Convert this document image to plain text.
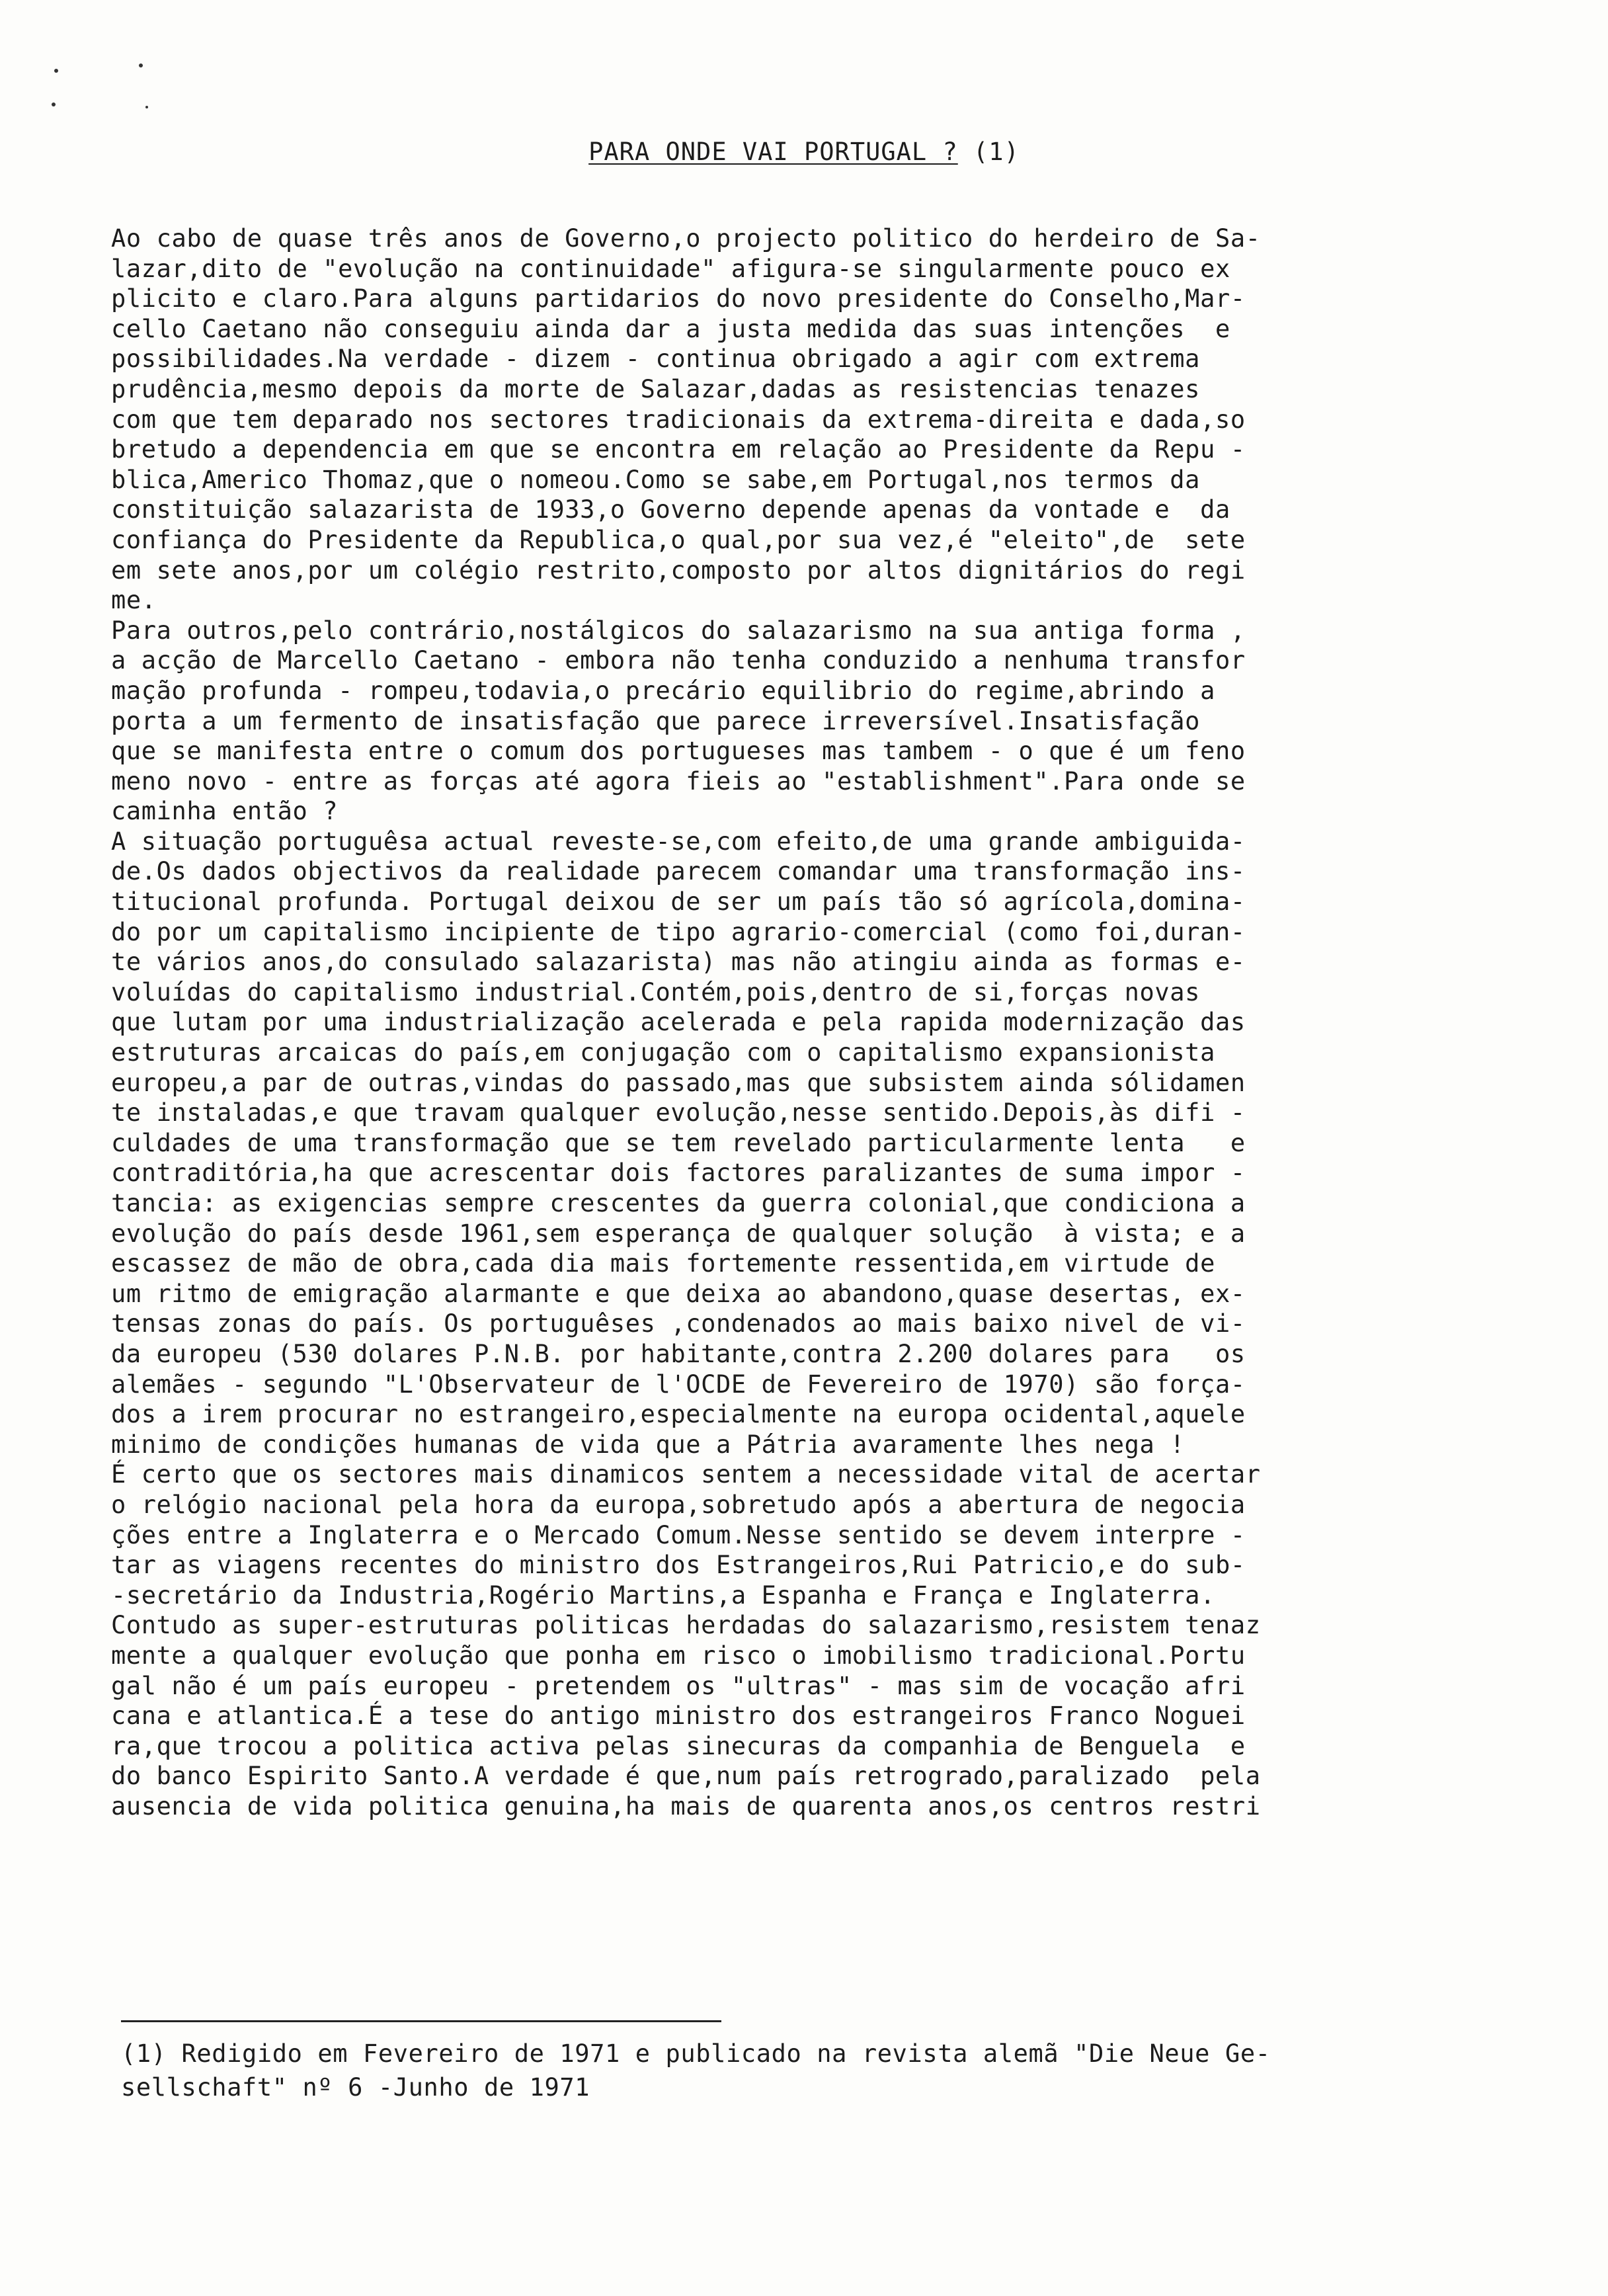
PARA ONDE VAI PORTUGAL ? (1)
Ao cabo de quase três anos de Governo,o projecto politico do herdeiro de Sa-
lazar,dito de "evolução na continuidade" afigura-se singularmente pouco ex
plicito e claro.Para alguns partidarios do novo presidente do Conselho,Mar-
cello Caetano não conseguiu ainda dar a justa medida das suas intenções  e
possibilidades.Na verdade - dizem - continua obrigado a agir com extrema
prudência,mesmo depois da morte de Salazar,dadas as resistencias tenazes
com que tem deparado nos sectores tradicionais da extrema-direita e dada,so
bretudo a dependencia em que se encontra em relação ao Presidente da Repu -
blica,Americo Thomaz,que o nomeou.Como se sabe,em Portugal,nos termos da
constituição salazarista de 1933,o Governo depende apenas da vontade e  da
confiança do Presidente da Republica,o qual,por sua vez,é "eleito",de  sete
em sete anos,por um colégio restrito,composto por altos dignitários do regi
me.
Para outros,pelo contrário,nostálgicos do salazarismo na sua antiga forma ,
a acção de Marcello Caetano - embora não tenha conduzido a nenhuma transfor
mação profunda - rompeu,todavia,o precário equilibrio do regime,abrindo a
porta a um fermento de insatisfação que parece irreversível.Insatisfação
que se manifesta entre o comum dos portugueses mas tambem - o que é um feno
meno novo - entre as forças até agora fieis ao "establishment".Para onde se
caminha então ?
A situação portuguêsa actual reveste-se,com efeito,de uma grande ambiguida-
de.Os dados objectivos da realidade parecem comandar uma transformação ins-
titucional profunda. Portugal deixou de ser um país tão só agrícola,domina-
do por um capitalismo incipiente de tipo agrario-comercial (como foi,duran-
te vários anos,do consulado salazarista) mas não atingiu ainda as formas e-
voluídas do capitalismo industrial.Contém,pois,dentro de si,forças novas
que lutam por uma industrialização acelerada e pela rapida modernização das
estruturas arcaicas do país,em conjugação com o capitalismo expansionista
europeu,a par de outras,vindas do passado,mas que subsistem ainda sólidamen
te instaladas,e que travam qualquer evolução,nesse sentido.Depois,às difi -
culdades de uma transformação que se tem revelado particularmente lenta   e
contraditória,ha que acrescentar dois factores paralizantes de suma impor -
tancia: as exigencias sempre crescentes da guerra colonial,que condiciona a
evolução do país desde 1961,sem esperança de qualquer solução  à vista; e a
escassez de mão de obra,cada dia mais fortemente ressentida,em virtude de
um ritmo de emigração alarmante e que deixa ao abandono,quase desertas, ex-
tensas zonas do país. Os portuguêses ,condenados ao mais baixo nivel de vi-
da europeu (530 dolares P.N.B. por habitante,contra 2.200 dolares para   os
alemães - segundo "L'Observateur de l'OCDE de Fevereiro de 1970) são força-
dos a irem procurar no estrangeiro,especialmente na europa ocidental,aquele
minimo de condições humanas de vida que a Pátria avaramente lhes nega !
É certo que os sectores mais dinamicos sentem a necessidade vital de acertar
o relógio nacional pela hora da europa,sobretudo após a abertura de negocia
ções entre a Inglaterra e o Mercado Comum.Nesse sentido se devem interpre -
tar as viagens recentes do ministro dos Estrangeiros,Rui Patricio,e do sub-
-secretário da Industria,Rogério Martins,a Espanha e França e Inglaterra.
Contudo as super-estruturas politicas herdadas do salazarismo,resistem tenaz
mente a qualquer evolução que ponha em risco o imobilismo tradicional.Portu
gal não é um país europeu - pretendem os "ultras" - mas sim de vocação afri
cana e atlantica.É a tese do antigo ministro dos estrangeiros Franco Noguei
ra,que trocou a politica activa pelas sinecuras da companhia de Benguela  e
do banco Espirito Santo.A verdade é que,num país retrogrado,paralizado  pela
ausencia de vida politica genuina,ha mais de quarenta anos,os centros restri
(1) Redigido em Fevereiro de 1971 e publicado na revista alemã "Die Neue Ge-
sellschaft" nº 6 -Junho de 1971
